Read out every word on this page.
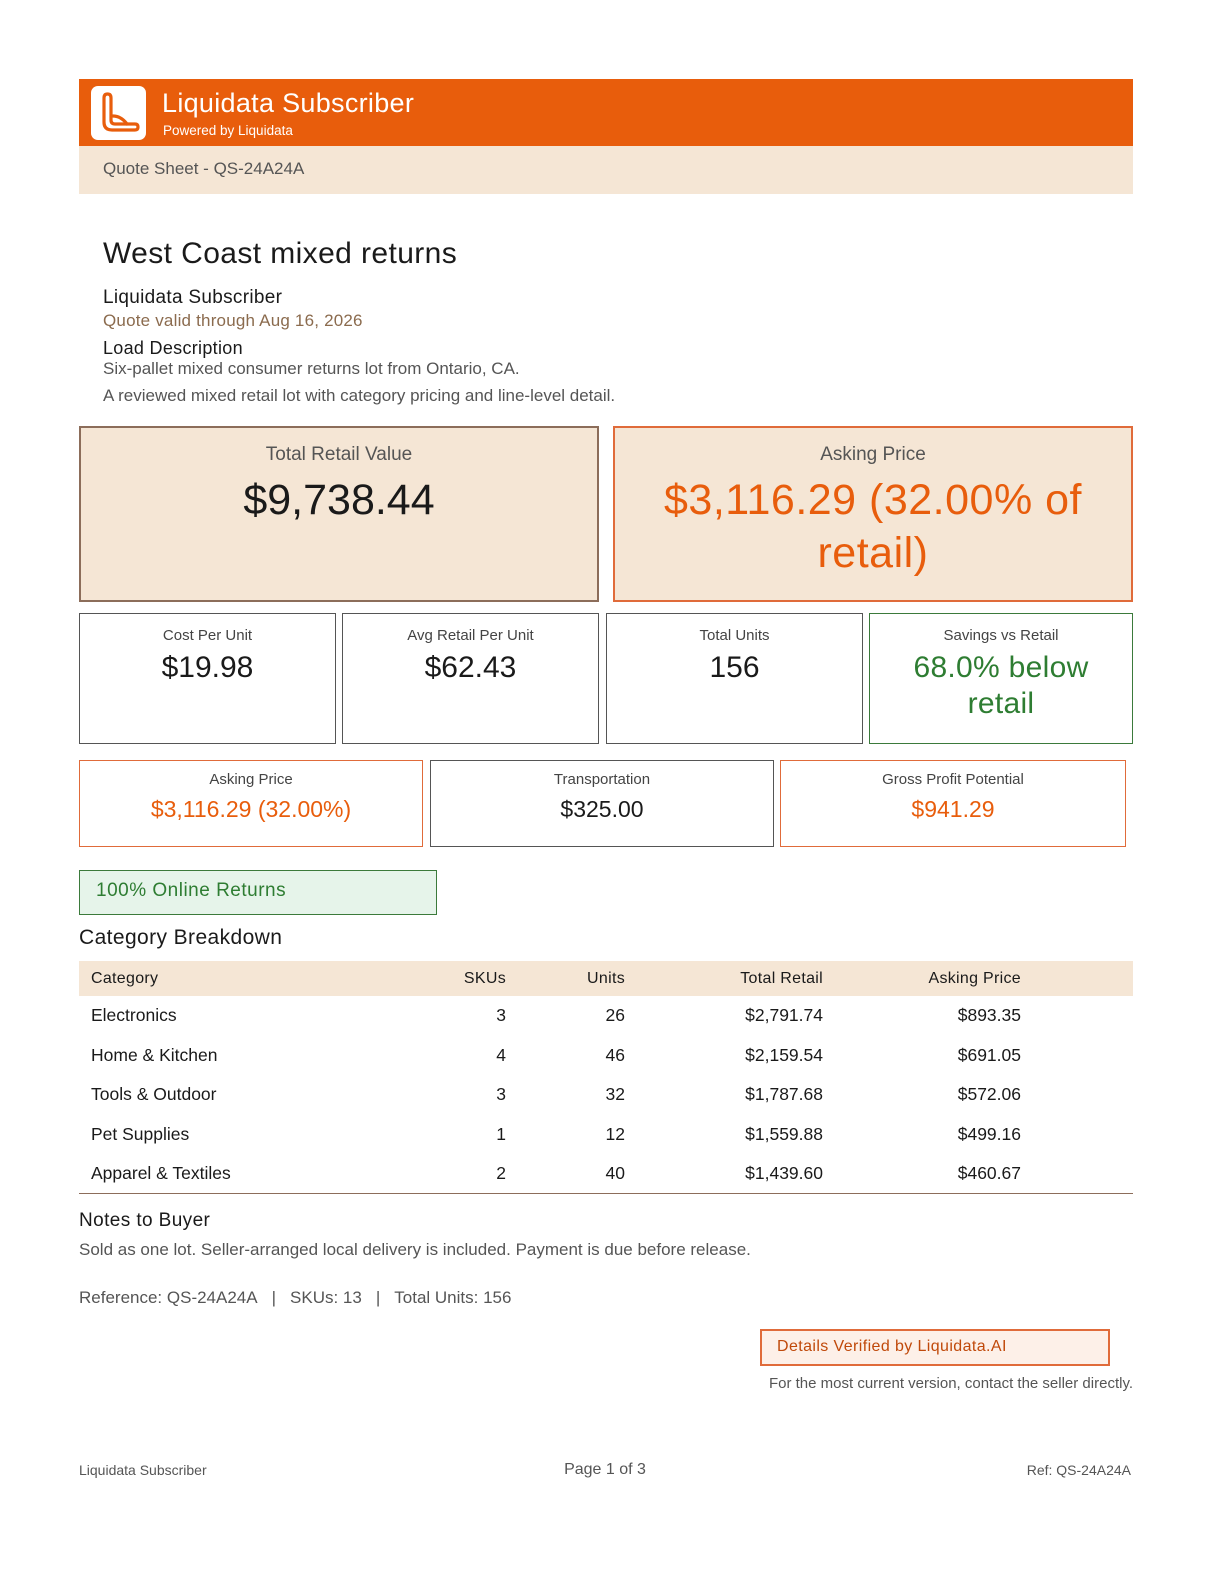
Liquidata Subscriber
Powered by Liquidata
Quote Sheet - QS-24A24A
West Coast mixed returns
Liquidata Subscriber
Quote valid through Aug 16, 2026
Load Description
Six-pallet mixed consumer returns lot from Ontario, CA.
A reviewed mixed retail lot with category pricing and line-level detail.
Total Retail Value
$9,738.44
Asking Price
$3,116.29 (32.00% of retail)
Cost Per Unit
$19.98
Avg Retail Per Unit
$62.43
Total Units
156
Savings vs Retail
68.0% below retail
Asking Price
$3,116.29 (32.00%)
Transportation
$325.00
Gross Profit Potential
$941.29
100% Online Returns
Category Breakdown
Category	SKUs	Units	Total Retail	Asking Price	
Electronics	3	26	$2,791.74	$893.35	
Home & Kitchen	4	46	$2,159.54	$691.05	
Tools & Outdoor	3	32	$1,787.68	$572.06	
Pet Supplies	1	12	$1,559.88	$499.16	
Apparel & Textiles	2	40	$1,439.60	$460.67	
Notes to Buyer
Sold as one lot. Seller-arranged local delivery is included. Payment is due before release.
Reference: QS-24A24A | SKUs: 13 | Total Units: 156
Details Verified by Liquidata.AI
For the most current version, contact the seller directly.
Liquidata Subscriber	Page 1 of 3	Ref: QS-24A24A
